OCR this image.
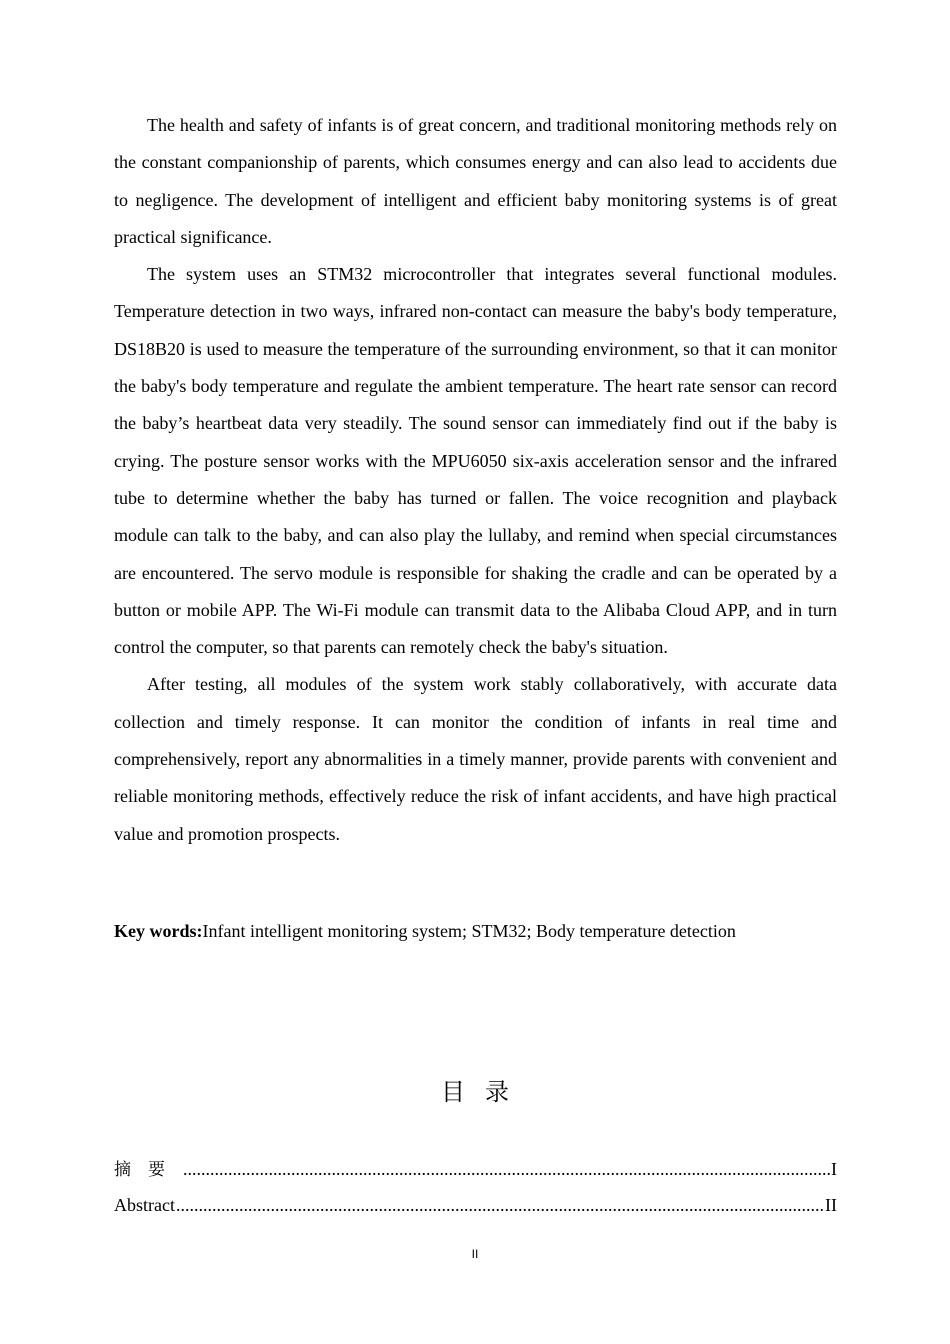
The health and safety of infants is of great concern, and traditional monitoring methods rely on the constant companionship of parents, which consumes energy and can also lead to accidents due to negligence. The development of intelligent and efficient baby monitoring systems is of great practical significance.

The system uses an STM32 microcontroller that integrates several functional modules. Temperature detection in two ways, infrared non-contact can measure the baby's body temperature, DS18B20 is used to measure the temperature of the surrounding environment, so that it can monitor the baby's body temperature and regulate the ambient temperature. The heart rate sensor can record the baby’s heartbeat data very steadily. The sound sensor can immediately find out if the baby is crying. The posture sensor works with the MPU6050 six-axis acceleration sensor and the infrared tube to determine whether the baby has turned or fallen. The voice recognition and playback module can talk to the baby, and can also play the lullaby, and remind when special circumstances are encountered. The servo module is responsible for shaking the cradle and can be operated by a button or mobile APP. The Wi-Fi module can transmit data to the Alibaba Cloud APP, and in turn control the computer, so that parents can remotely check the baby's situation.

After testing, all modules of the system work stably collaboratively, with accurate data collection and timely response. It can monitor the condition of infants in real time and comprehensively, report any abnormalities in a timely manner, provide parents with convenient and reliable monitoring methods, effectively reduce the risk of infant accidents, and have high practical value and promotion prospects.

Key words:Infant intelligent monitoring system; STM32; Body temperature detection
目录
摘要 .....	I
Abstract .....	II
II
